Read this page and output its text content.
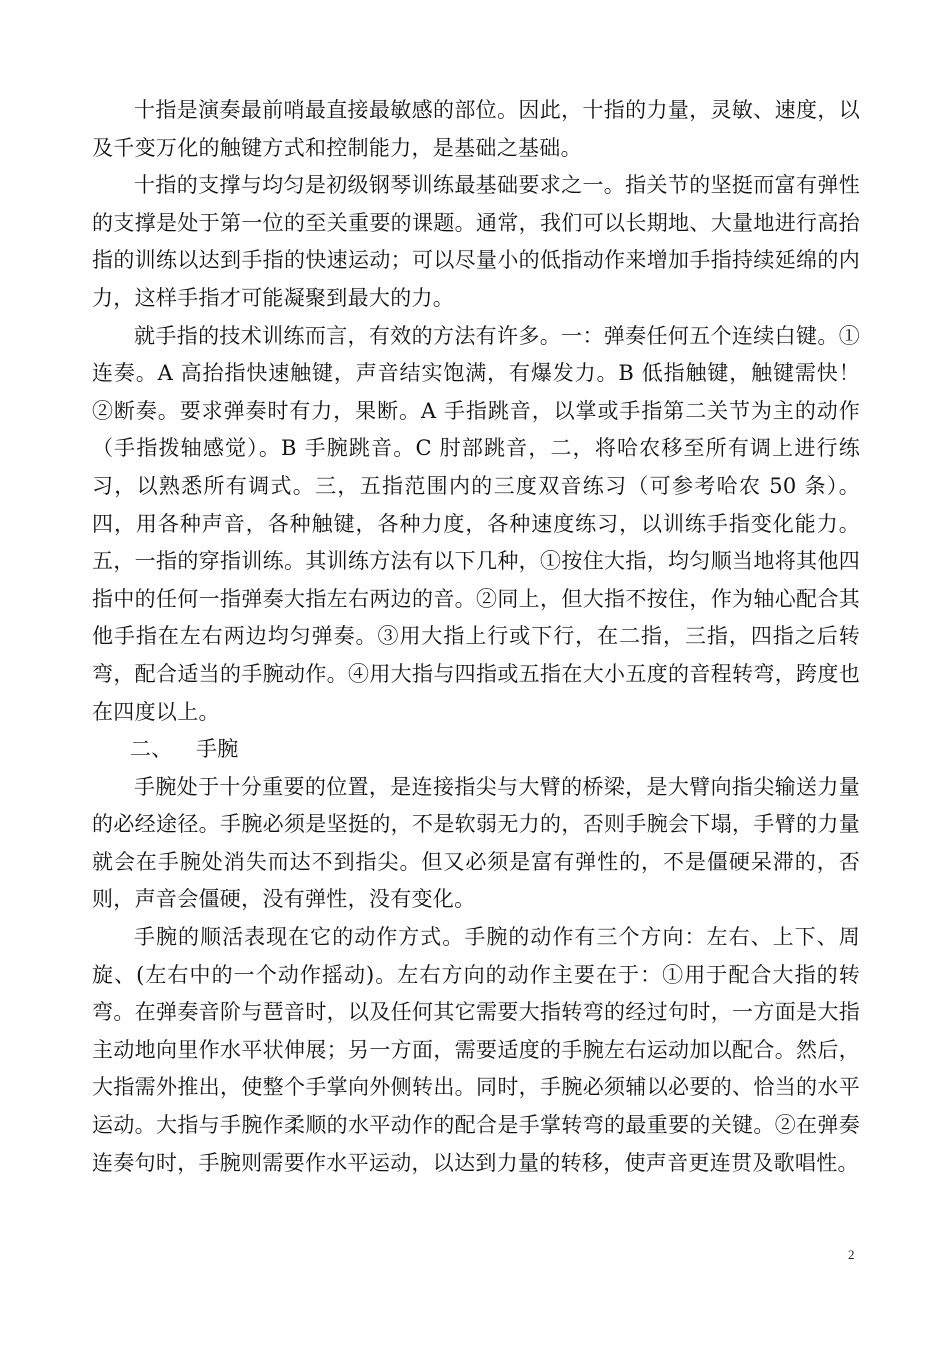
十指是演奏最前哨最直接最敏感的部位。因此，十指的力量，灵敏、速度，以及千变万化的触键方式和控制能力，是基础之基础。

十指的支撑与均匀是初级钢琴训练最基础要求之一。指关节的坚挺而富有弹性的支撑是处于第一位的至关重要的课题。通常，我们可以长期地、大量地进行高抬指的训练以达到手指的快速运动；可以尽量小的低指动作来增加手指持续延绵的内力，这样手指才可能凝聚到最大的力。

就手指的技术训练而言，有效的方法有许多。一：弹奏任何五个连续白键。①连奏。A 高抬指快速触键，声音结实饱满，有爆发力。B 低指触键，触键需快！②断奏。要求弹奏时有力，果断。A 手指跳音，以掌或手指第二关节为主的动作（手指拨轴感觉）。B 手腕跳音。C 肘部跳音，二，将哈农移至所有调上进行练习，以熟悉所有调式。三，五指范围内的三度双音练习（可参考哈农 50 条）。四，用各种声音，各种触键，各种力度，各种速度练习，以训练手指变化能力。五，一指的穿指训练。其训练方法有以下几种，①按住大指，均匀顺当地将其他四指中的任何一指弹奏大指左右两边的音。②同上，但大指不按住，作为轴心配合其他手指在左右两边均匀弹奏。③用大指上行或下行，在二指，三指，四指之后转弯，配合适当的手腕动作。④用大指与四指或五指在大小五度的音程转弯，跨度也在四度以上。

二、 手腕

手腕处于十分重要的位置，是连接指尖与大臂的桥梁，是大臂向指尖输送力量的必经途径。手腕必须是坚挺的，不是软弱无力的，否则手腕会下塌，手臂的力量就会在手腕处消失而达不到指尖。但又必须是富有弹性的，不是僵硬呆滞的，否则，声音会僵硬，没有弹性，没有变化。

手腕的顺活表现在它的动作方式。手腕的动作有三个方向：左右、上下、周旋、(左右中的一个动作摇动)。左右方向的动作主要在于：①用于配合大指的转弯。在弹奏音阶与琶音时，以及任何其它需要大指转弯的经过句时，一方面是大指主动地向里作水平状伸展；另一方面，需要适度的手腕左右运动加以配合。然后，大指需外推出，使整个手掌向外侧转出。同时，手腕必须辅以必要的、恰当的水平运动。大指与手腕作柔顺的水平动作的配合是手掌转弯的最重要的关键。②在弹奏连奏句时，手腕则需要作水平运动，以达到力量的转移，使声音更连贯及歌唱性。

2
